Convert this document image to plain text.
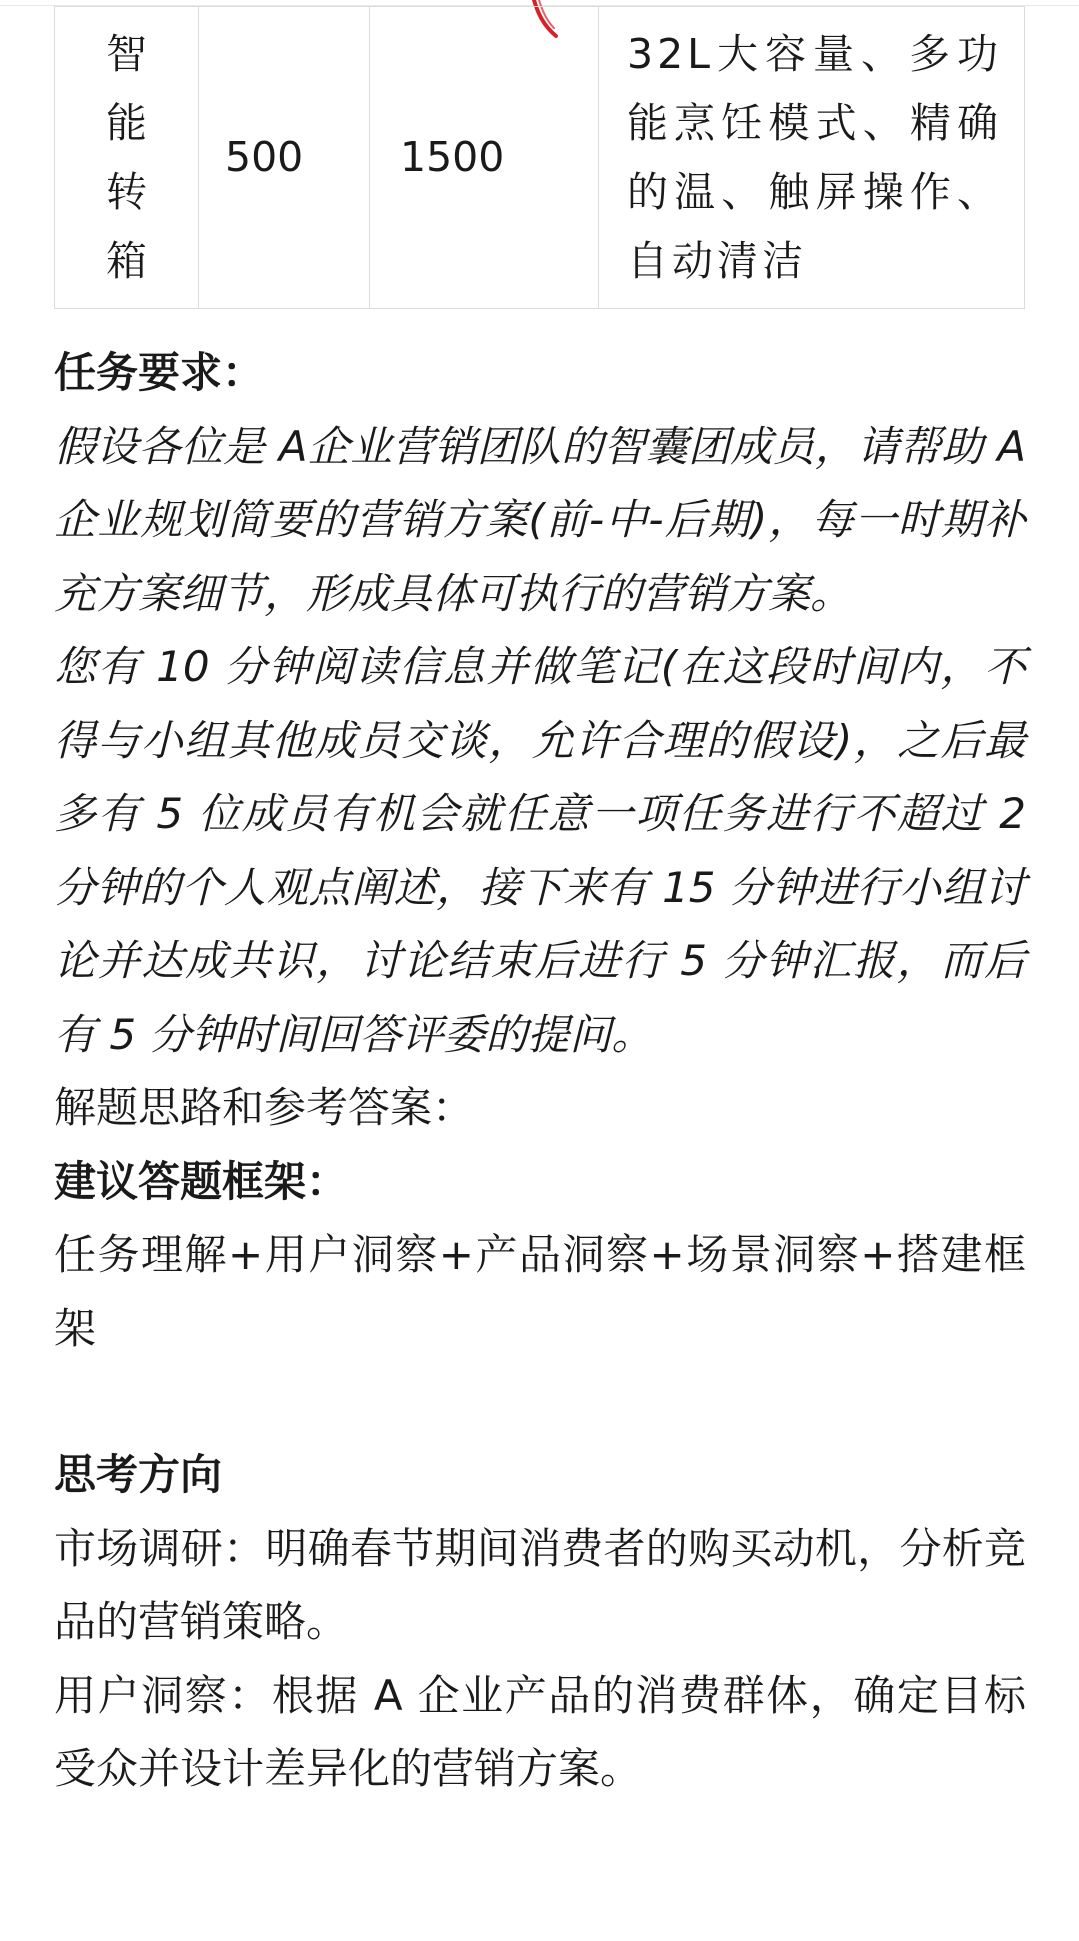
智能转箱	500	1500	32L大容量、多功能烹饪模式、精确的温、触屏操作、自动清洁

任务要求：

假设各位是 A企业营销团队的智囊团成员，请帮助 A企业规划简要的营销方案(前-中-后期)，每一时期补充方案细节，形成具体可执行的营销方案。

您有 10 分钟阅读信息并做笔记(在这段时间内，不得与小组其他成员交谈，允许合理的假设)，之后最多有 5 位成员有机会就任意一项任务进行不超过 2 分钟的个人观点阐述，接下来有 15 分钟进行小组讨论并达成共识，讨论结束后进行 5 分钟汇报，而后有 5 分钟时间回答评委的提问。

解题思路和参考答案：

建议答题框架：

任务理解+用户洞察+产品洞察+场景洞察+搭建框架

思考方向

市场调研：明确春节期间消费者的购买动机，分析竞品的营销策略。

用户洞察：根据 A 企业产品的消费群体，确定目标受众并设计差异化的营销方案。
